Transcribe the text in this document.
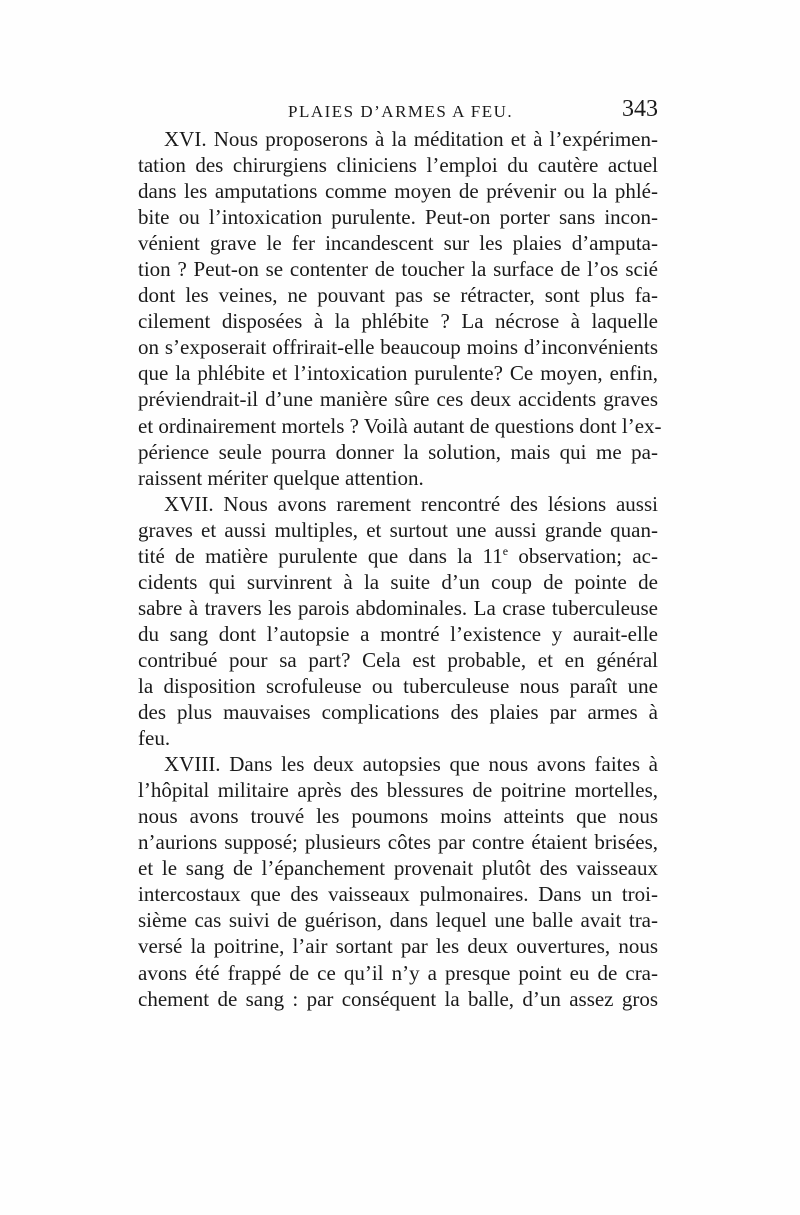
PLAIES D’ARMES A FEU.	343
XVI. Nous proposerons à la méditation et à l’expérimen-
tation des chirurgiens cliniciens l’emploi du cautère actuel
dans les amputations comme moyen de prévenir ou la phlé-
bite ou l’intoxication purulente. Peut-on porter sans incon-
vénient grave le fer incandescent sur les plaies d’amputa-
tion ? Peut-on se contenter de toucher la surface de l’os scié
dont les veines, ne pouvant pas se rétracter, sont plus fa-
cilement disposées à la phlébite ? La nécrose à laquelle
on s’exposerait offrirait-elle beaucoup moins d’inconvénients
que la phlébite et l’intoxication purulente? Ce moyen, enfin,
préviendrait-il d’une manière sûre ces deux accidents graves
et ordinairement mortels ? Voilà autant de questions dont l’ex-
périence seule pourra donner la solution, mais qui me pa-
raissent mériter quelque attention.
XVII. Nous avons rarement rencontré des lésions aussi
graves et aussi multiples, et surtout une aussi grande quan-
tité de matière purulente que dans la 11e observation; ac-
cidents qui survinrent à la suite d’un coup de pointe de
sabre à travers les parois abdominales. La crase tuberculeuse
du sang dont l’autopsie a montré l’existence y aurait-elle
contribué pour sa part? Cela est probable, et en général
la disposition scrofuleuse ou tuberculeuse nous paraît une
des plus mauvaises complications des plaies par armes à
feu.
XVIII. Dans les deux autopsies que nous avons faites à
l’hôpital militaire après des blessures de poitrine mortelles,
nous avons trouvé les poumons moins atteints que nous
n’aurions supposé; plusieurs côtes par contre étaient brisées,
et le sang de l’épanchement provenait plutôt des vaisseaux
intercostaux que des vaisseaux pulmonaires. Dans un troi-
sième cas suivi de guérison, dans lequel une balle avait tra-
versé la poitrine, l’air sortant par les deux ouvertures, nous
avons été frappé de ce qu’il n’y a presque point eu de cra-
chement de sang : par conséquent la balle, d’un assez gros
